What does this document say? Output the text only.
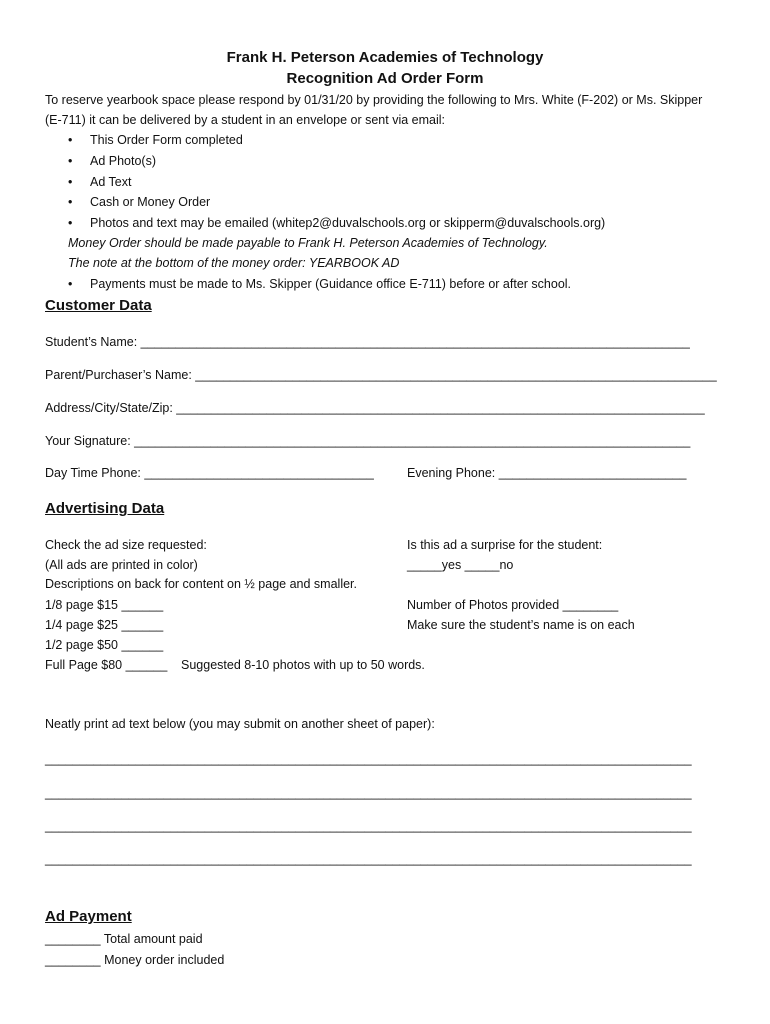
Frank H. Peterson Academies of Technology
Recognition Ad Order Form
To reserve yearbook space please respond by 01/31/20 by providing the following to Mrs. White (F-202) or Ms. Skipper
(E-711) it can be delivered by a student in an envelope or sent via email:
• This Order Form completed
• Ad Photo(s)
• Ad Text
• Cash or Money Order
• Photos and text may be emailed (whitep2@duvalschools.org or skipperm@duvalschools.org)
Money Order should be made payable to Frank H. Peterson Academies of Technology.
The note at the bottom of the money order: YEARBOOK AD
• Payments must be made to Ms. Skipper (Guidance office E-711) before or after school.
Customer Data
Student’s Name: _______________________________________________________________________________
Parent/Purchaser’s Name: ___________________________________________________________________________
Address/City/State/Zip: ____________________________________________________________________________
Your Signature: ________________________________________________________________________________
Day Time Phone: _________________________________	Evening Phone: ___________________________
Advertising Data
Check the ad size requested:
(All ads are printed in color)
Descriptions on back for content on ½ page and smaller.
1/8 page $15 ______
1/4 page $25 ______
1/2 page $50 ______
Full Page $80 ______ Suggested 8-10 photos with up to 50 words.
Is this ad a surprise for the student:
_____yes _____no
Number of Photos provided ________
Make sure the student’s name is on each
Neatly print ad text below (you may submit on another sheet of paper):
_____________________________________________________________________________________________
_____________________________________________________________________________________________
_____________________________________________________________________________________________
_____________________________________________________________________________________________
Ad Payment
________ Total amount paid
________ Money order included
